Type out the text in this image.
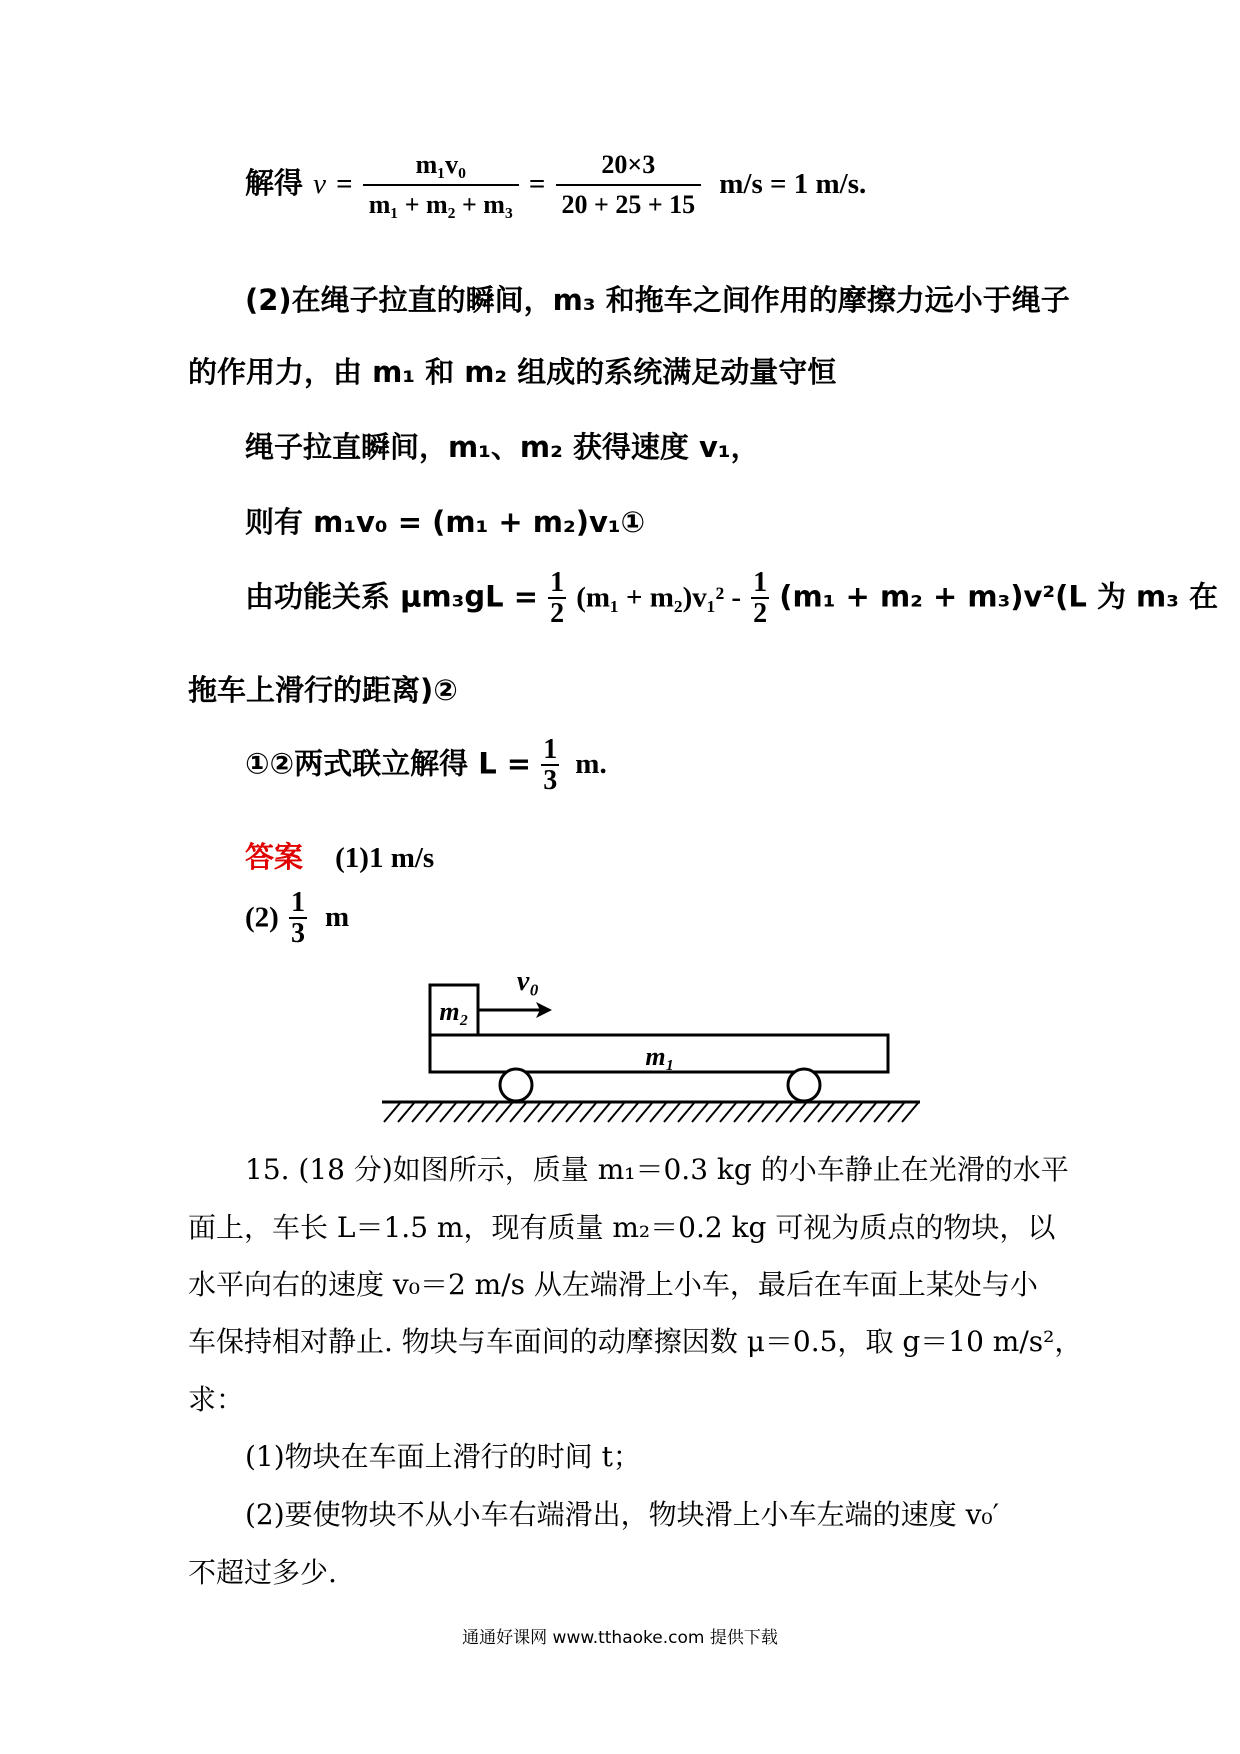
解得 $v = \frac{\text{m₁v₀}}{\text{m₁ + m₂ + m₃}} = \frac{20\times 3}{20 + 25 + 15} m/s = 1$ m/s.
(2)在绳子拉直的瞬间，m₃ 和拖车之间作用的摩擦力远小于绳子
的作用力，由 m₁ 和 m₂ 组成的系统满足动量守恒
绳子拉直瞬间，m₁、m₂ 获得速度 v₁，
则有 m₁v₀ = (m₁ + m₂)v₁①
由功能关系 $\mu m_3gL = \frac{1}{2} (m_1 + m_2)v_1^2 - \frac{1}{2} (m_1 + m_2 + m_3)v^2(L$ 为 m₃ 在
拖车上滑行的距离)②
①②两式联立解得 $L = \frac{1}{3} m$.
答案 (1)1 m/s
$(2) \frac{1}{3}$ m
m₂
v₀
m₁
15. (18 分)如图所示，质量 m₁＝0.3 kg 的小车静止在光滑的水平
面上，车长 L＝1.5 m，现有质量 m₂＝0.2 kg 可视为质点的物块，以
水平向右的速度 v₀＝2 m/s 从左端滑上小车，最后在车面上某处与小
车保持相对静止. 物块与车面间的动摩擦因数 μ＝0.5，取 g＝10 m/s²，
求：
(1)物块在车面上滑行的时间 t；
(2)要使物块不从小车右端滑出，物块滑上小车左端的速度 v₀′
不超过多少.
通通好课网 www.tthaoke.com 提供下载
